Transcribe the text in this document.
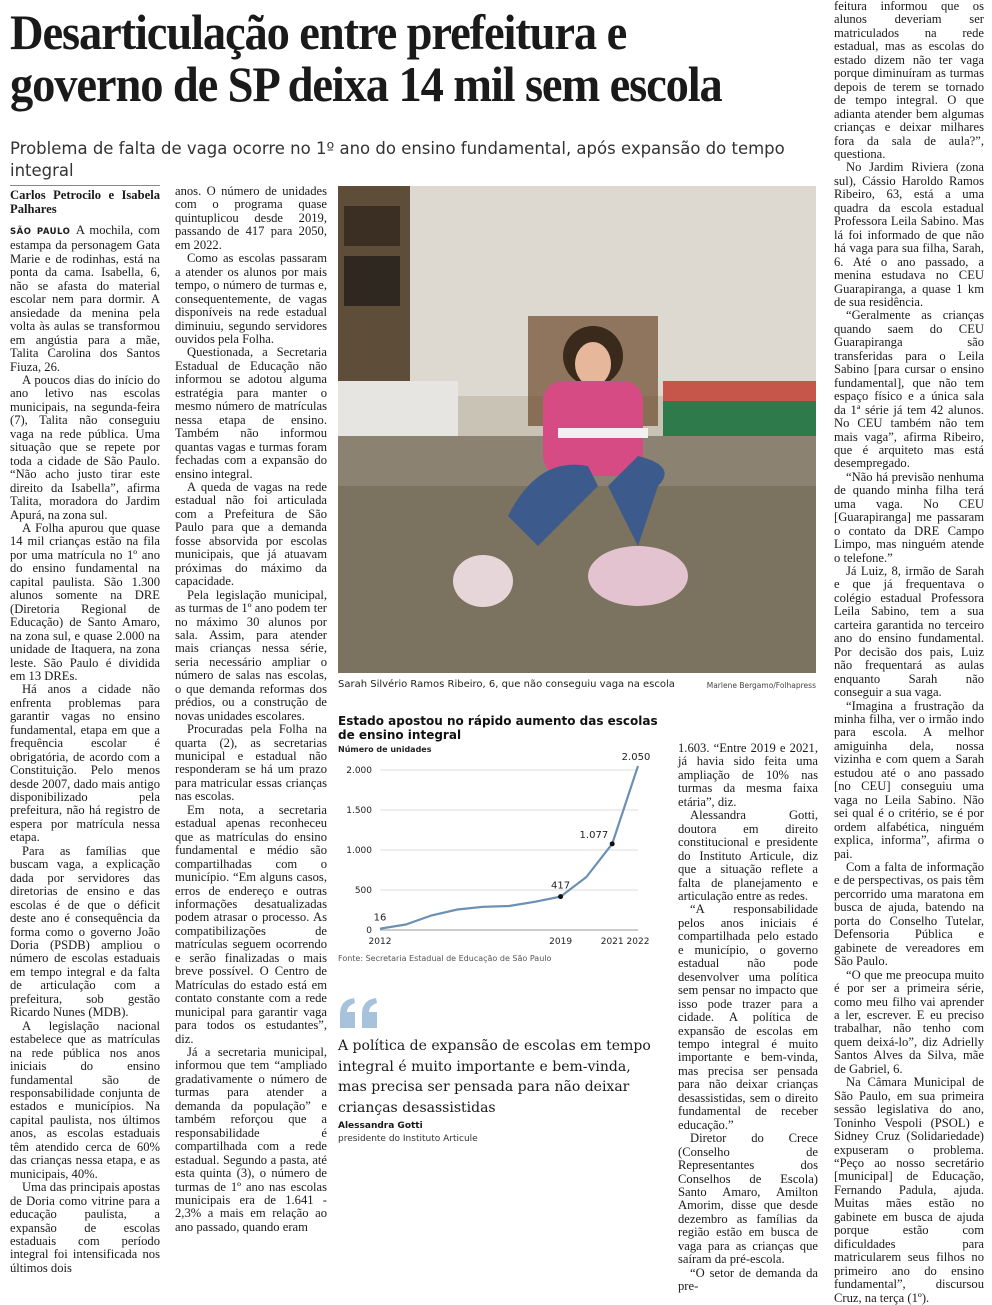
Desarticulação entre prefeitura e governo de SP deixa 14 mil sem escola
Problema de falta de vaga ocorre no 1º ano do ensino fundamental, após expansão do tempo integral
Carlos Petrocilo e Isabela Palhares

SÃO PAULO A mochila, com estampa da personagem Gata Marie e de rodinhas, está na ponta da cama. Isabella, 6, não se afasta do material escolar nem para dormir. A ansiedade da menina pela volta às aulas se transformou em angústia para a mãe, Talita Carolina dos Santos Fiuza, 26.

A poucos dias do início do ano letivo nas escolas municipais, na segunda-feira (7), Talita não conseguiu vaga na rede pública. Uma situação que se repete por toda a cidade de São Paulo. “Não acho justo tirar este direito da Isabella”, afirma Talita, moradora do Jardim Apurá, na zona sul.

A Folha apurou que quase 14 mil crianças estão na fila por uma matrícula no 1º ano do ensino fundamental na capital paulista. São 1.300 alunos somente na DRE (Diretoria Regional de Educação) de Santo Amaro, na zona sul, e quase 2.000 na unidade de Itaquera, na zona leste. São Paulo é dividida em 13 DREs.

Há anos a cidade não enfrenta problemas para garantir vagas no ensino fundamental, etapa em que a frequência escolar é obrigatória, de acordo com a Constituição. Pelo menos desde 2007, dado mais antigo disponibilizado pela prefeitura, não há registro de espera por matrícula nessa etapa.

Para as famílias que buscam vaga, a explicação dada por servidores das diretorias de ensino e das escolas é de que o déficit deste ano é consequência da forma como o governo João Doria (PSDB) ampliou o número de escolas estaduais em tempo integral e da falta de articulação com a prefeitura, sob gestão Ricardo Nunes (MDB).

A legislação nacional estabelece que as matrículas na rede pública nos anos iniciais do ensino fundamental são de responsabilidade conjunta de estados e municípios. Na capital paulista, nos últimos anos, as escolas estaduais têm atendido cerca de 60% das crianças nessa etapa, e as municipais, 40%.

Uma das principais apostas de Doria como vitrine para a educação paulista, a expansão de escolas estaduais com período integral foi intensificada nos últimos dois

anos. O número de unidades com o programa quase quintuplicou desde 2019, passando de 417 para 2050, em 2022.

Como as escolas passaram a atender os alunos por mais tempo, o número de turmas e, consequentemente, de vagas disponíveis na rede estadual diminuiu, segundo servidores ouvidos pela Folha.

Questionada, a Secretaria Estadual de Educação não informou se adotou alguma estratégia para manter o mesmo número de matrículas nessa etapa de ensino. Também não informou quantas vagas e turmas foram fechadas com a expansão do ensino integral.

A queda de vagas na rede estadual não foi articulada com a Prefeitura de São Paulo para que a demanda fosse absorvida por escolas municipais, que já atuavam próximas do máximo da capacidade.

Pela legislação municipal, as turmas de 1º ano podem ter no máximo 30 alunos por sala. Assim, para atender mais crianças nessa série, seria necessário ampliar o número de salas nas escolas, o que demanda reformas dos prédios, ou a construção de novas unidades escolares.

Procuradas pela Folha na quarta (2), as secretarias municipal e estadual não responderam se há um prazo para matricular essas crianças nas escolas.

Em nota, a secretaria estadual apenas reconheceu que as matrículas do ensino fundamental e médio são compartilhadas com o município. “Em alguns casos, erros de endereço e outras informações desatualizadas podem atrasar o processo. As compatibilizações de matrículas seguem ocorrendo e serão finalizadas o mais breve possível. O Centro de Matrículas do estado está em contato constante com a rede municipal para garantir vaga para todos os estudantes”, diz.

Já a secretaria municipal, informou que tem “ampliado gradativamente o número de turmas para atender a demanda da população” e também reforçou que a responsabilidade é compartilhada com a rede estadual. Segundo a pasta, até esta quinta (3), o número de turmas de 1º ano nas escolas municipais era de 1.641 - 2,3% a mais em relação ao ano passado, quando eram

Sarah Silvério Ramos Ribeiro, 6, que não conseguiu vaga na escola	Marlene Bergamo/Folhapress
Estado apostou no rápido aumento das escolas de ensino integral
Número de unidades
0
500
1.000
1.500
2.000
2012	2019	2021 2022
16
417
1.077
2.050
Fonte: Secretaria Estadual de Educação de São Paulo
A política de expansão de escolas em tempo integral é muito importante e bem-vinda, mas precisa ser pensada para não deixar crianças desassistidas
Alessandra Gotti
presidente do Instituto Articule

1.603. “Entre 2019 e 2021, já havia sido feita uma ampliação de 10% nas turmas da mesma faixa etária”, diz.

Alessandra Gotti, doutora em direito constitucional e presidente do Instituto Articule, diz que a situação reflete a falta de planejamento e articulação entre as redes.

“A responsabilidade pelos anos iniciais é compartilhada pelo estado e município, o governo estadual não pode desenvolver uma política sem pensar no impacto que isso pode trazer para a cidade. A política de expansão de escolas em tempo integral é muito importante e bem-vinda, mas precisa ser pensada para não deixar crianças desassistidas, sem o direito fundamental de receber educação.”

Diretor do Crece (Conselho de Representantes dos Conselhos de Escola) Santo Amaro, Amilton Amorim, disse que desde dezembro as famílias da região estão em busca de vaga para as crianças que saíram da pré-escola.

“O setor de demanda da pre-

feitura informou que os alunos deveriam ser matriculados na rede estadual, mas as escolas do estado dizem não ter vaga porque diminuíram as turmas depois de terem se tornado de tempo integral. O que adianta atender bem algumas crianças e deixar milhares fora da sala de aula?”, questiona.

No Jardim Riviera (zona sul), Cássio Haroldo Ramos Ribeiro, 63, está a uma quadra da escola estadual Professora Leila Sabino. Mas lá foi informado de que não há vaga para sua filha, Sarah, 6. Até o ano passado, a menina estudava no CEU Guarapiranga, a quase 1 km de sua residência.

“Geralmente as crianças quando saem do CEU Guarapiranga são transferidas para o Leila Sabino [para cursar o ensino fundamental], que não tem espaço físico e a única sala da 1ª série já tem 42 alunos. No CEU também não tem mais vaga”, afirma Ribeiro, que é arquiteto mas está desempregado.

“Não há previsão nenhuma de quando minha filha terá uma vaga. No CEU [Guarapiranga] me passaram o contato da DRE Campo Limpo, mas ninguém atende o telefone.”

Já Luiz, 8, irmão de Sarah e que já frequentava o colégio estadual Professora Leila Sabino, tem a sua carteira garantida no terceiro ano do ensino fundamental. Por decisão dos pais, Luiz não frequentará as aulas enquanto Sarah não conseguir a sua vaga.

“Imagina a frustração da minha filha, ver o irmão indo para escola. A melhor amiguinha dela, nossa vizinha e com quem a Sarah estudou até o ano passado [no CEU] conseguiu uma vaga no Leila Sabino. Não sei qual é o critério, se é por ordem alfabética, ninguém explica, informa”, afirma o pai.

Com a falta de informação e de perspectivas, os pais têm percorrido uma maratona em busca de ajuda, batendo na porta do Conselho Tutelar, Defensoria Pública e gabinete de vereadores em São Paulo.

“O que me preocupa muito é por ser a primeira série, como meu filho vai aprender a ler, escrever. E eu preciso trabalhar, não tenho com quem deixá-lo”, diz Adrielly Santos Alves da Silva, mãe de Gabriel, 6.

Na Câmara Municipal de São Paulo, em sua primeira sessão legislativa do ano, Toninho Vespoli (PSOL) e Sidney Cruz (Solidariedade) expuseram o problema. “Peço ao nosso secretário [municipal] de Educação, Fernando Padula, ajuda. Muitas mães estão no gabinete em busca de ajuda porque estão com dificuldades para matricularem seus filhos no primeiro ano do ensino fundamental”, discursou Cruz, na terça (1º).
